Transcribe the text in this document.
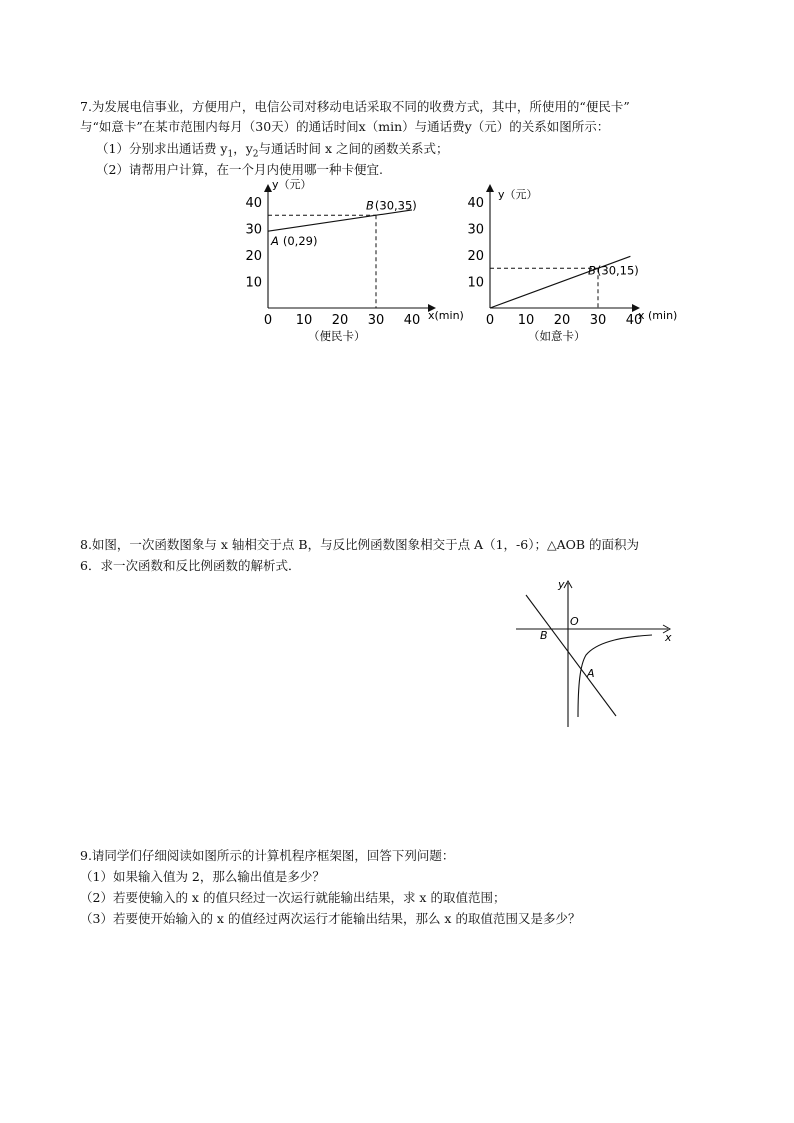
7.为发展电信事业，方便用户，电信公司对移动电话采取不同的收费方式，其中，所使用的“便民卡”
与“如意卡”在某市范围内每月（30天）的通话时间x（min）与通话费y（元）的关系如图所示：
（1）分别求出通话费 $y_1$，$y_2$与通话时间 x 之间的函数关系式；
（2）请帮用户计算，在一个月内使用哪一种卡便宜.
0 10 20 30 40
10
20
30
40
x(min)
y（元）
A (0,29)
B(30,35)
（便民卡）
0 10 20 30 40
10
20
30
40
x (min)
y（元）
B(30,15)
（如意卡）
8.如图，一次函数图象与 x 轴相交于点 B，与反比例函数图象相交于点 A（1，-6）；△AOB 的面积为
6．求一次函数和反比例函数的解析式．
x
y
O
B
A
9.请同学们仔细阅读如图所示的计算机程序框架图，回答下列问题：
（1）如果输入值为 2，那么输出值是多少？
（2）若要使输入的 x 的值只经过一次运行就能输出结果，求 x 的取值范围；
（3）若要使开始输入的 x 的值经过两次运行才能输出结果，那么 x 的取值范围又是多少？
